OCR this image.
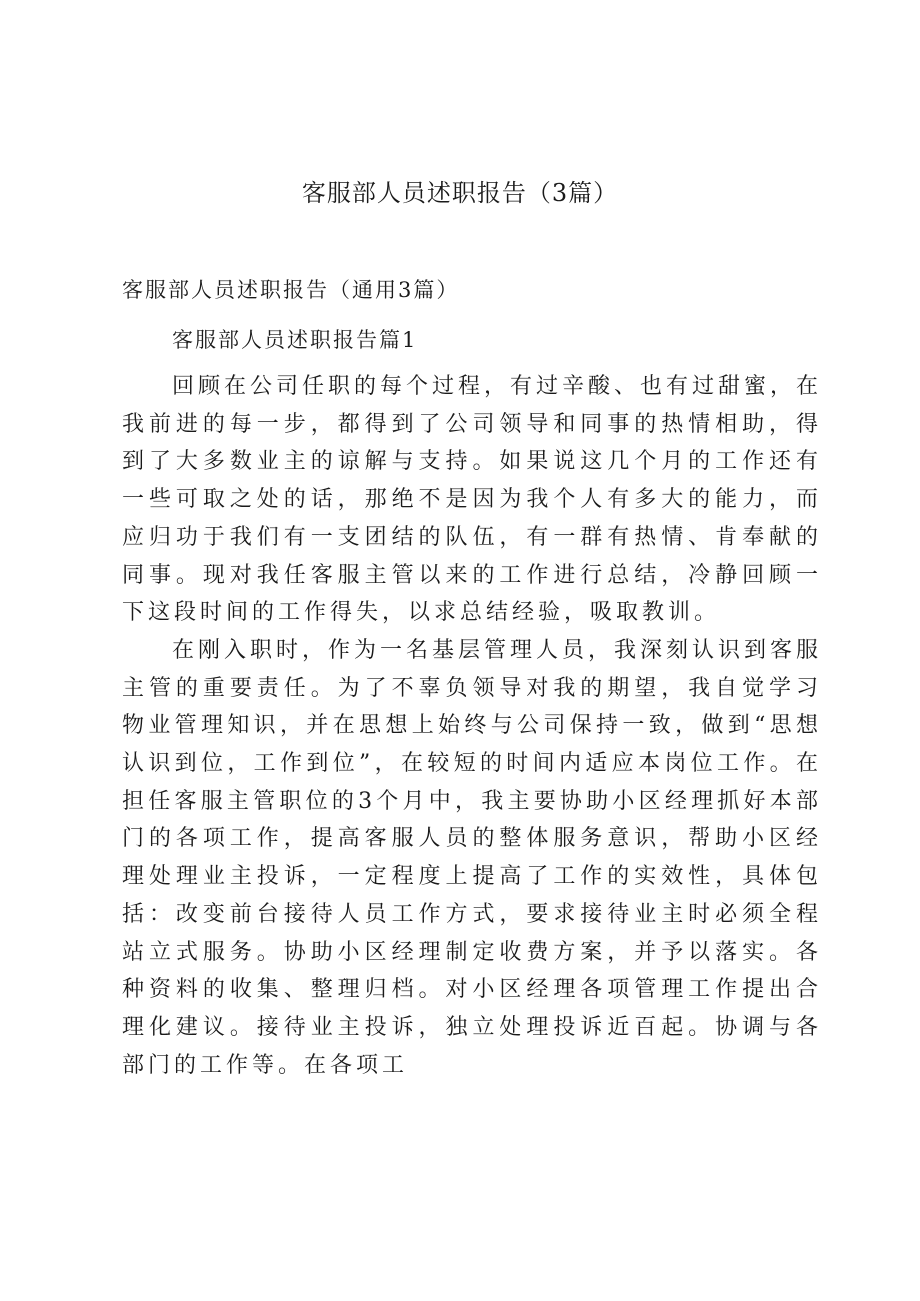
客服部人员述职报告（3篇）
客服部人员述职报告（通用3篇）
客服部人员述职报告篇1

回顾在公司任职的每个过程，有过辛酸、也有过甜蜜，在我前进的每一步，都得到了公司领导和同事的热情相助，得到了大多数业主的谅解与支持。如果说这几个月的工作还有一些可取之处的话，那绝不是因为我个人有多大的能力，而应归功于我们有一支团结的队伍，有一群有热情、肯奉献的同事。现对我任客服主管以来的工作进行总结，冷静回顾一下这段时间的工作得失，以求总结经验，吸取教训。

在刚入职时，作为一名基层管理人员，我深刻认识到客服主管的重要责任。为了不辜负领导对我的期望，我自觉学习物业管理知识，并在思想上始终与公司保持一致，做到“思想认识到位，工作到位”，在较短的时间内适应本岗位工作。在担任客服主管职位的3个月中，我主要协助小区经理抓好本部门的各项工作，提高客服人员的整体服务意识，帮助小区经理处理业主投诉，一定程度上提高了工作的实效性，具体包括：改变前台接待人员工作方式，要求接待业主时必须全程站立式服务。协助小区经理制定收费方案，并予以落实。各种资料的收集、整理归档。对小区经理各项管理工作提出合理化建议。接待业主投诉，独立处理投诉近百起。协调与各部门的工作等。在各项工
